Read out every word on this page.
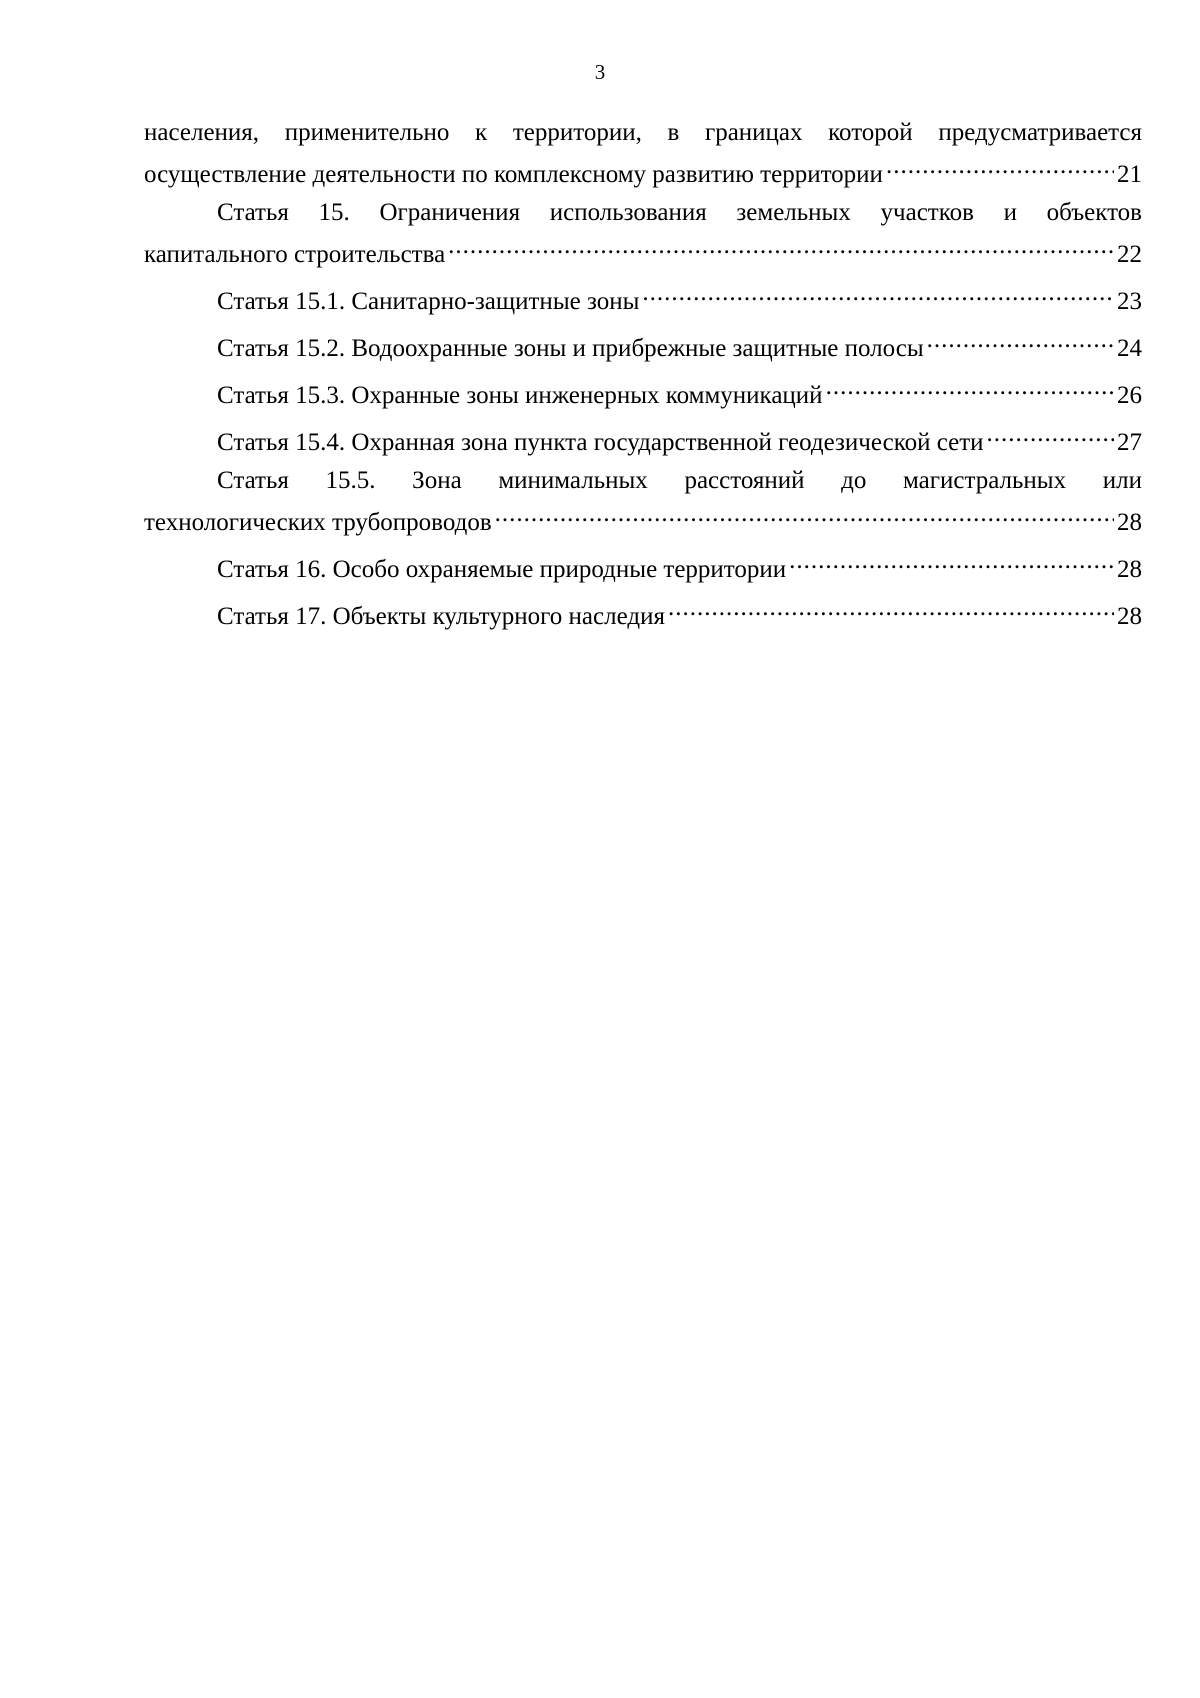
3
населения, применительно к территории, в границах которой предусматривается
осуществление деятельности по комплексному развитию территории .....	21
Статья 15. Ограничения использования земельных участков и объектов
капитального строительства .....	22
Статья 15.1. Санитарно-защитные зоны .....	23
Статья 15.2. Водоохранные зоны и прибрежные защитные полосы .....	24
Статья 15.3. Охранные зоны инженерных коммуникаций .....	26
Статья 15.4. Охранная зона пункта государственной геодезической сети .....	27
Статья 15.5. Зона минимальных расстояний до магистральных или
технологических трубопроводов .....	28
Статья 16. Особо охраняемые природные территории .....	28
Статья 17. Объекты культурного наследия .....	28
